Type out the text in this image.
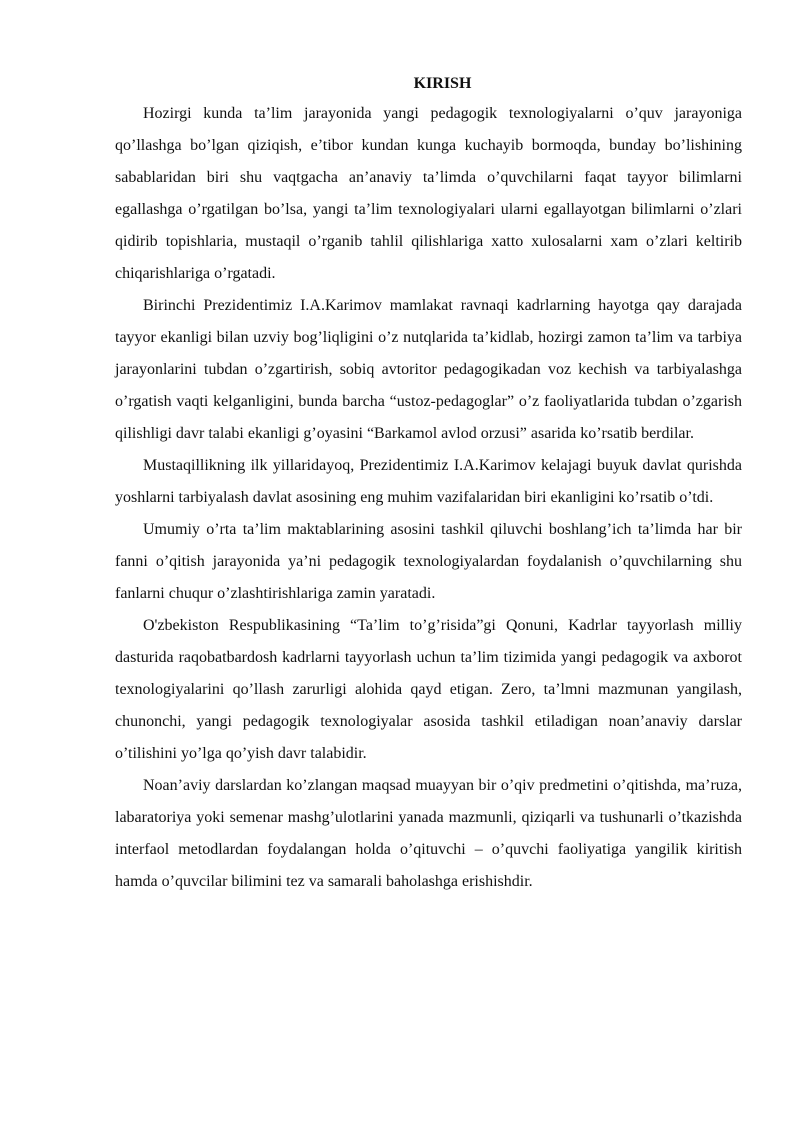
KIRISH

Hozirgi kunda ta’lim jarayonida yangi pedagogik texnologiyalarni o’quv jarayoniga qo’llashga bo’lgan qiziqish, e’tibor kundan kunga kuchayib bormoqda, bunday bo’lishining sabablaridan biri shu vaqtgacha an’anaviy ta’limda o’quvchilarni faqat tayyor bilimlarni egallashga o’rgatilgan bo’lsa, yangi ta’lim texnologiyalari ularni egallayotgan bilimlarni o’zlari qidirib topishlaria, mustaqil o’rganib tahlil qilishlariga xatto xulosalarni xam o’zlari keltirib chiqarishlariga o’rgatadi.

Birinchi Prezidentimiz I.A.Karimov mamlakat ravnaqi kadrlarning hayotga qay darajada tayyor ekanligi bilan uzviy bog’liqligini o’z nutqlarida ta’kidlab, hozirgi zamon ta’lim va tarbiya jarayonlarini tubdan o’zgartirish, sobiq avtoritor pedagogikadan voz kechish va tarbiyalashga o’rgatish vaqti kelganligini, bunda barcha “ustoz-pedagoglar” o’z faoliyatlarida tubdan o’zgarish qilishligi davr talabi ekanligi g’oyasini “Barkamol avlod orzusi” asarida ko’rsatib berdilar.

Mustaqillikning ilk yillaridayoq, Prezidentimiz I.A.Karimov kelajagi buyuk davlat qurishda yoshlarni tarbiyalash davlat asosining eng muhim vazifalaridan biri ekanligini ko’rsatib o’tdi.

Umumiy o’rta ta’lim maktablarining asosini tashkil qiluvchi boshlang’ich ta’limda har bir fanni o’qitish jarayonida ya’ni pedagogik texnologiyalardan foydalanish o’quvchilarning shu fanlarni chuqur o’zlashtirishlariga zamin yaratadi.

O'zbekiston Respublikasining “Ta’lim to’g’risida”gi Qonuni, Kadrlar tayyorlash milliy dasturida raqobatbardosh kadrlarni tayyorlash uchun ta’lim tizimida yangi pedagogik va axborot texnologiyalarini qo’llash zarurligi alohida qayd etigan. Zero, ta’lmni mazmunan yangilash, chunonchi, yangi pedagogik texnologiyalar asosida tashkil etiladigan noan’anaviy darslar o’tilishini yo’lga qo’yish davr talabidir.

Noan’aviy darslardan ko’zlangan maqsad muayyan bir o’qiv predmetini o’qitishda, ma’ruza, labaratoriya yoki semenar mashg’ulotlarini yanada mazmunli, qiziqarli va tushunarli o’tkazishda interfaol metodlardan foydalangan holda o’qituvchi – o’quvchi faoliyatiga yangilik kiritish hamda o’quvcilar bilimini tez va samarali baholashga erishishdir.
